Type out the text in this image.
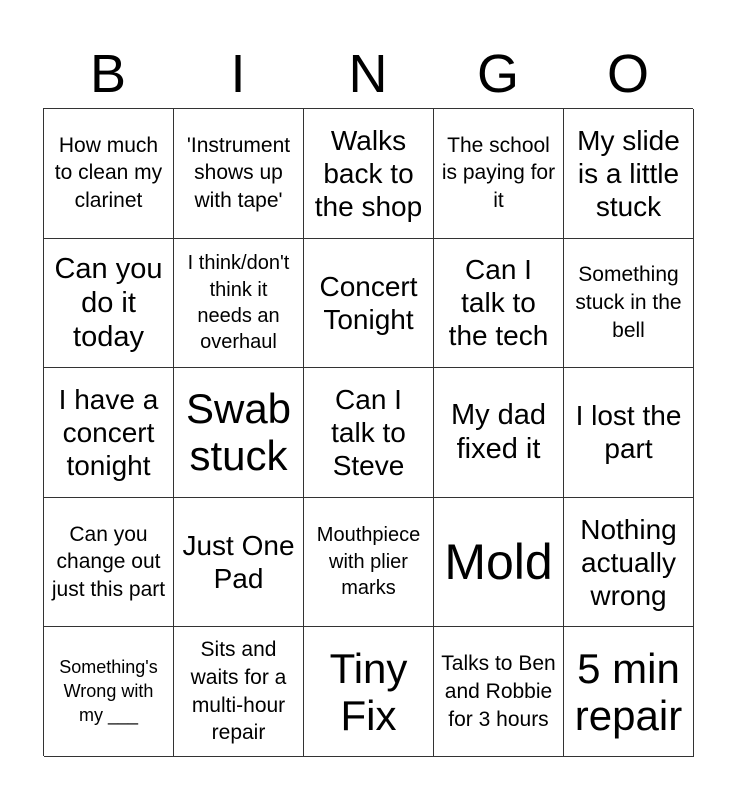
B	I	N	G	O
How much to clean my clarinet
'Instrument shows up with tape'
Walks back to the shop
The school is paying for it
My slide is a little stuck
Can you do it today
I think/don't think it needs an overhaul
Concert Tonight
Can I talk to the tech
Something stuck in the bell
I have a concert tonight
Swab stuck
Can I talk to Steve
My dad fixed it
I lost the part
Can you change out just this part
Just One Pad
Mouthpiece with plier marks Mold
Nothing actually wrong
Something's Wrong with my ___
Sits and waits for a multi-hour repair
Tiny Fix
Talks to Ben and Robbie for 3 hours
5 min repair
